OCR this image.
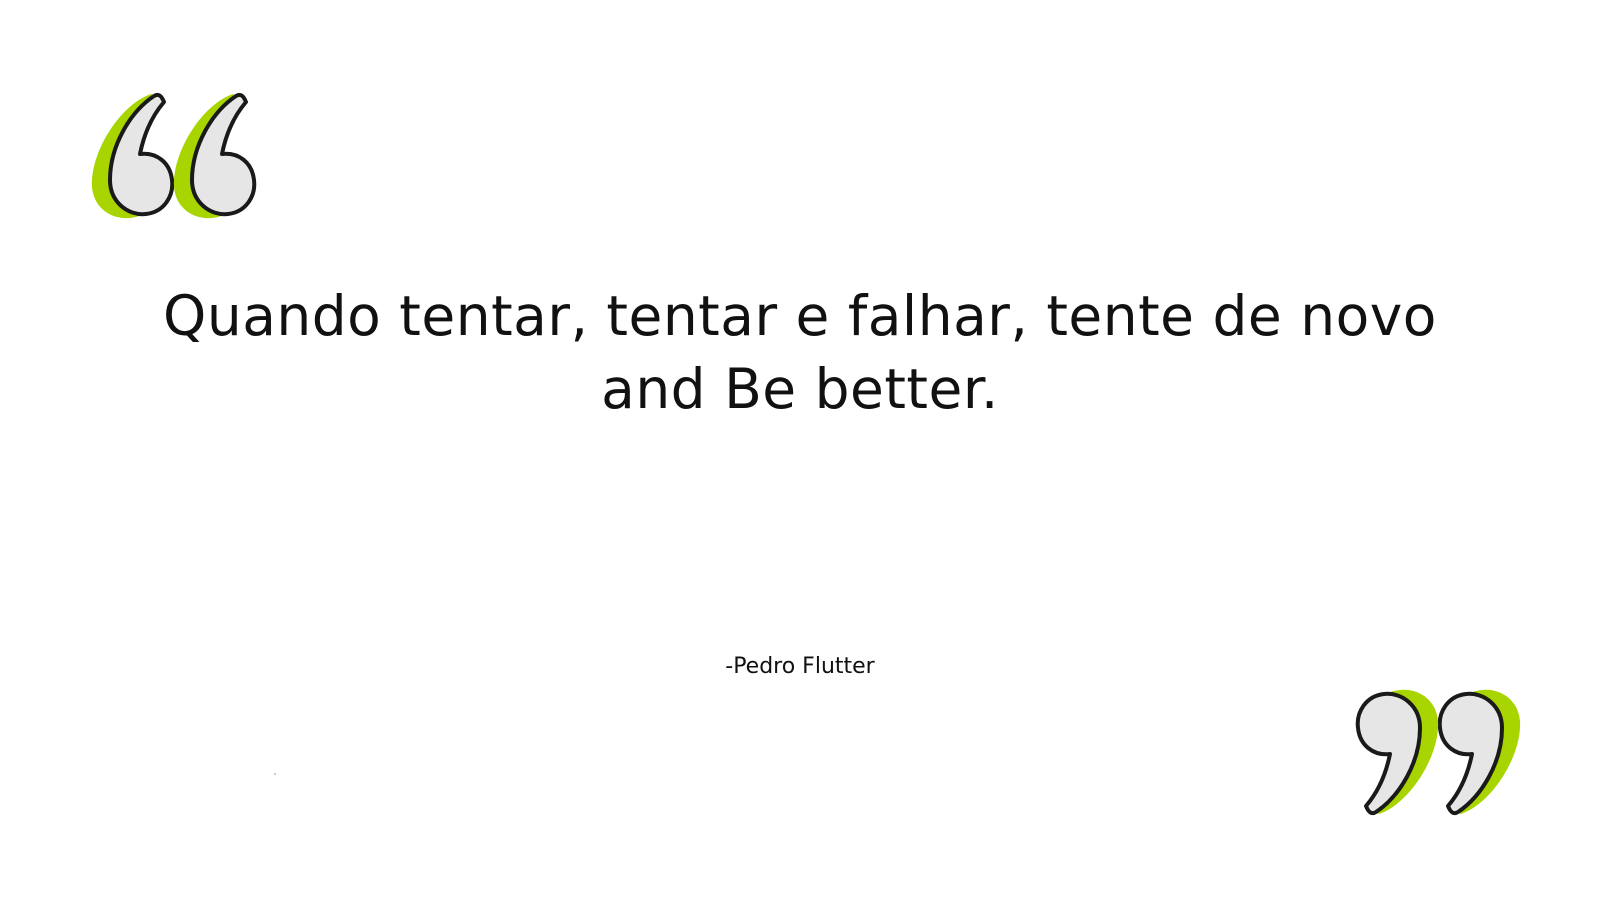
Quando tentar, tentar e falhar, tente de novo
and Be better.

-Pedro Flutter
